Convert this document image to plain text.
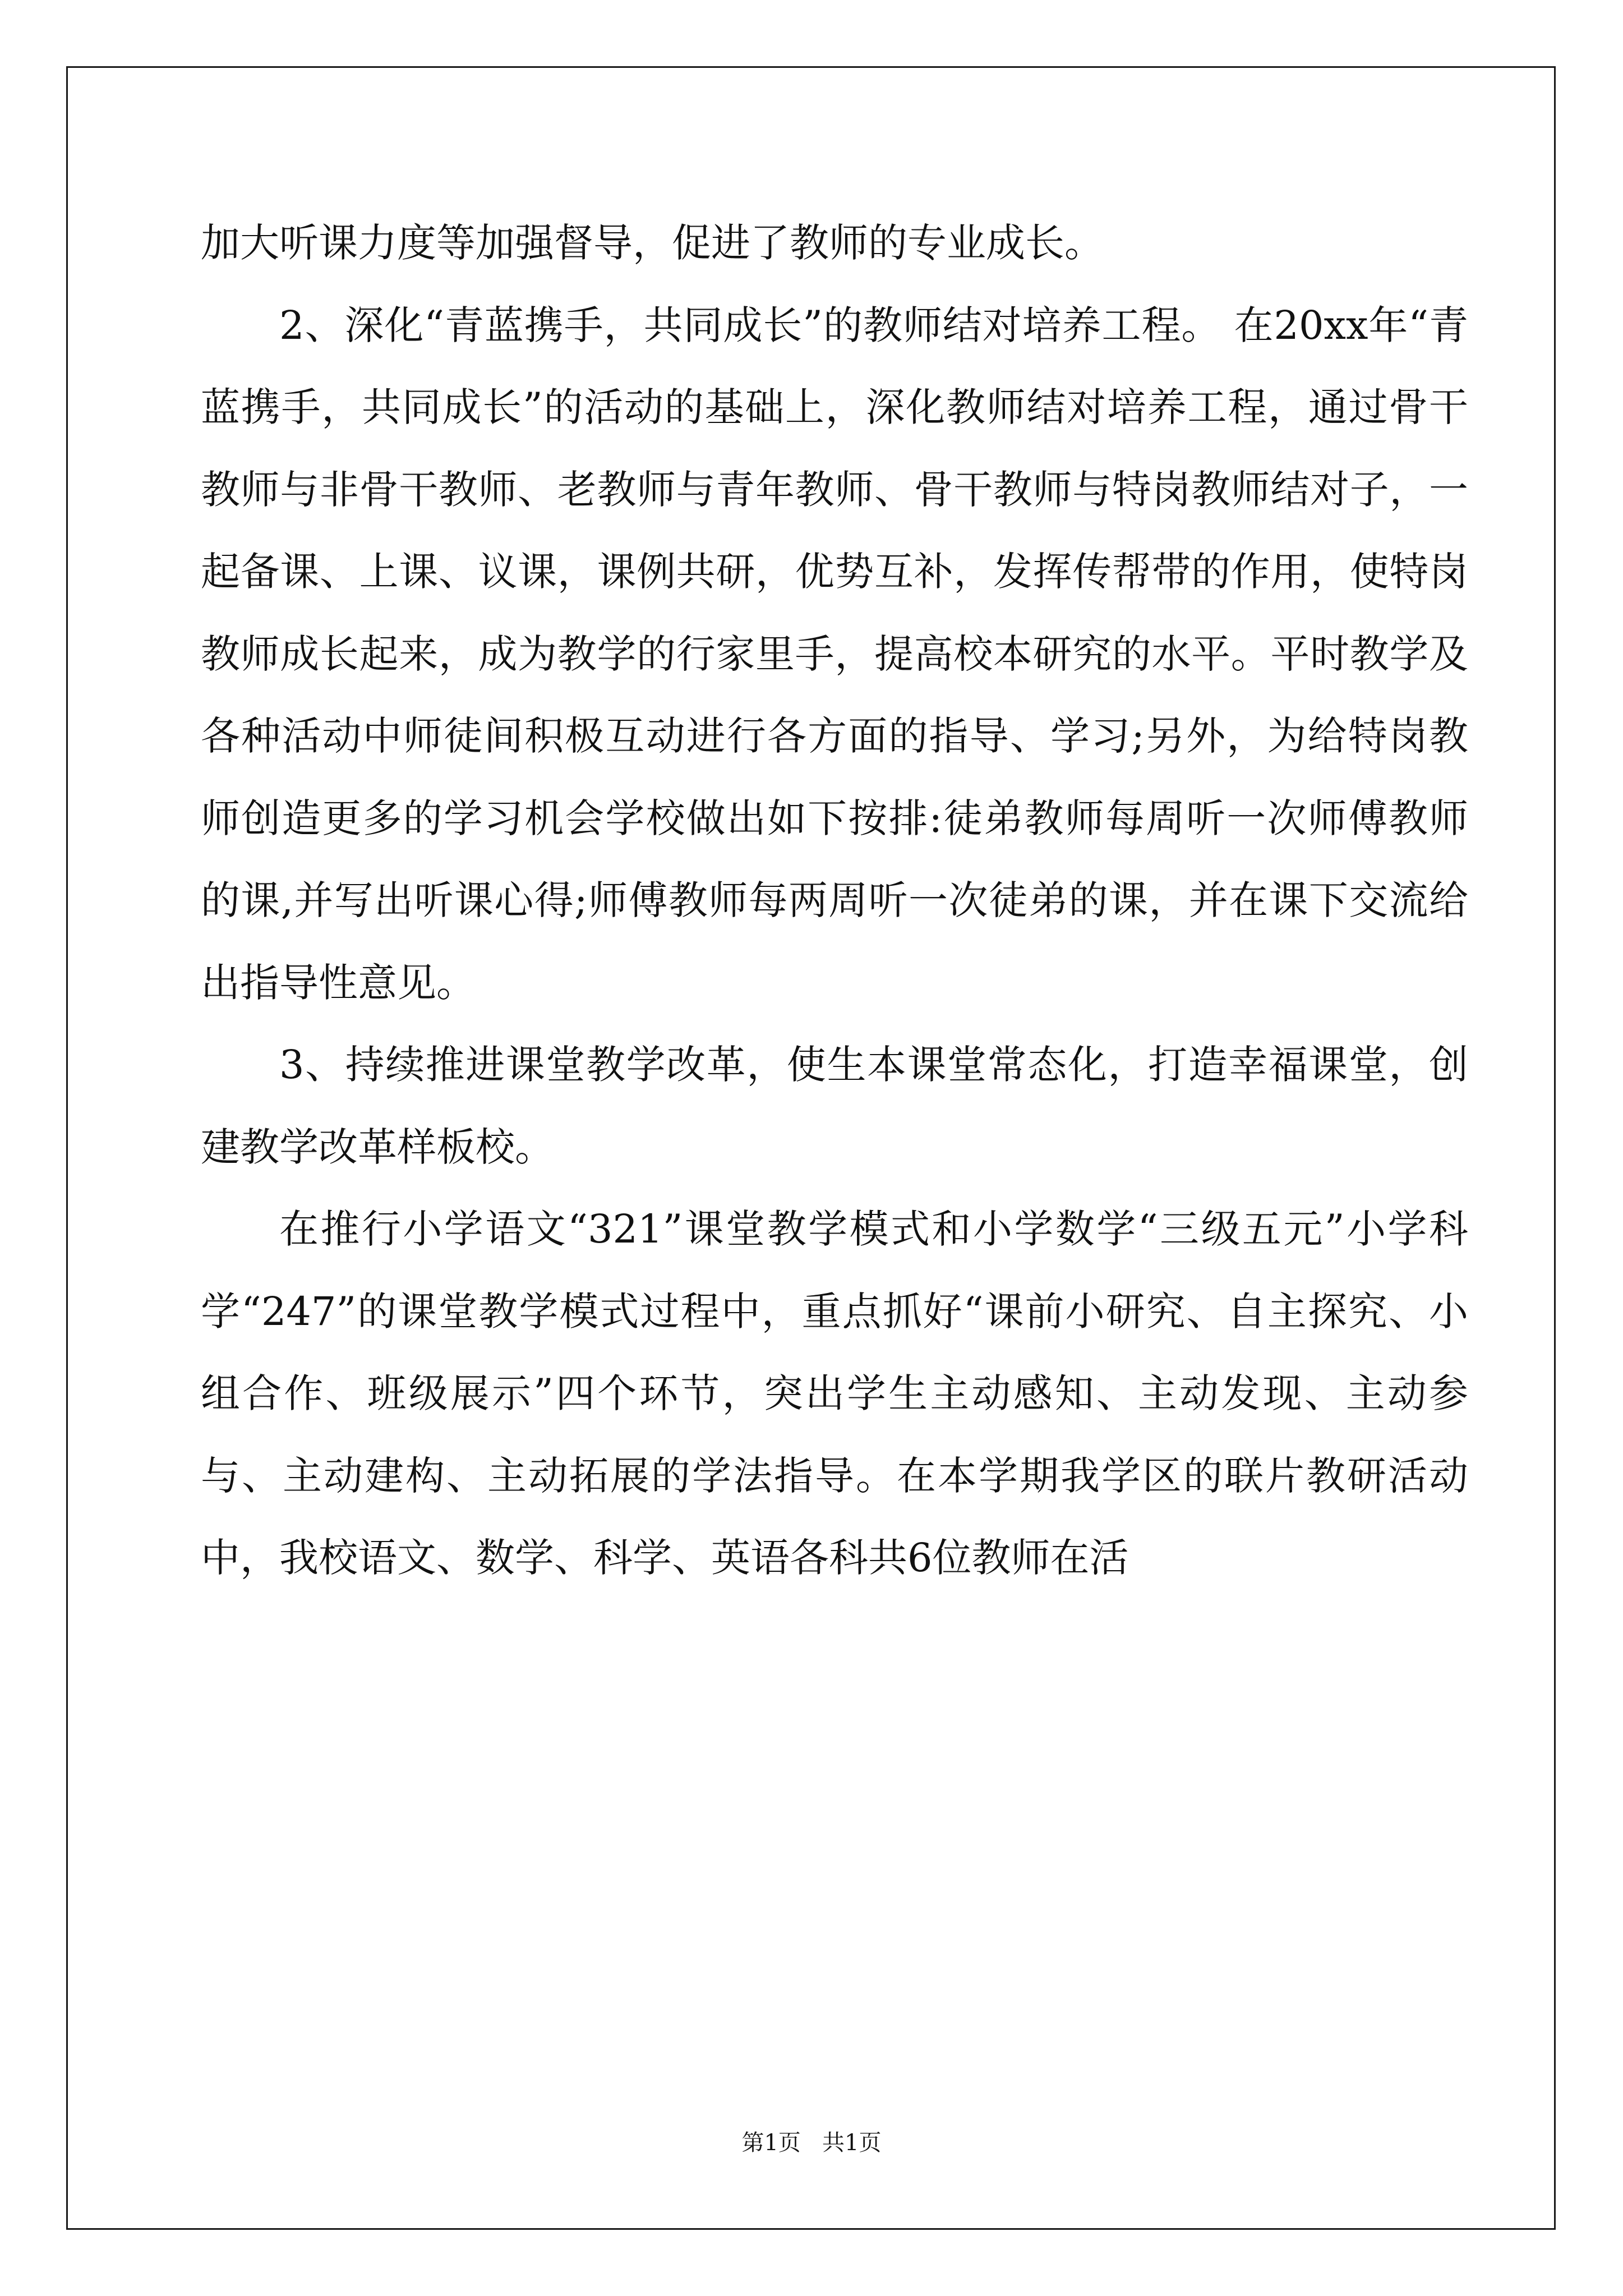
加大听课力度等加强督导，促进了教师的专业成长。

2、深化“青蓝携手，共同成长”的教师结对培养工程。 在20xx年“青蓝携手，共同成长”的活动的基础上，深化教师结对培养工程，通过骨干教师与非骨干教师、老教师与青年教师、骨干教师与特岗教师结对子，一起备课、上课、议课，课例共研，优势互补，发挥传帮带的作用，使特岗教师成长起来，成为教学的行家里手，提高校本研究的水平。平时教学及各种活动中师徒间积极互动进行各方面的指导、学习;另外，为给特岗教师创造更多的学习机会学校做出如下按排:徒弟教师每周听一次师傅教师的课,并写出听课心得;师傅教师每两周听一次徒弟的课，并在课下交流给出指导性意见。

3、持续推进课堂教学改革，使生本课堂常态化，打造幸福课堂，创建教学改革样板校。

在推行小学语文“321”课堂教学模式和小学数学“三级五元”小学科学“247”的课堂教学模式过程中，重点抓好“课前小研究、自主探究、小组合作、班级展示”四个环节，突出学生主动感知、主动发现、主动参与、主动建构、主动拓展的学法指导。在本学期我学区的联片教研活动中，我校语文、数学、科学、英语各科共6位教师在活

第1页   共1页
